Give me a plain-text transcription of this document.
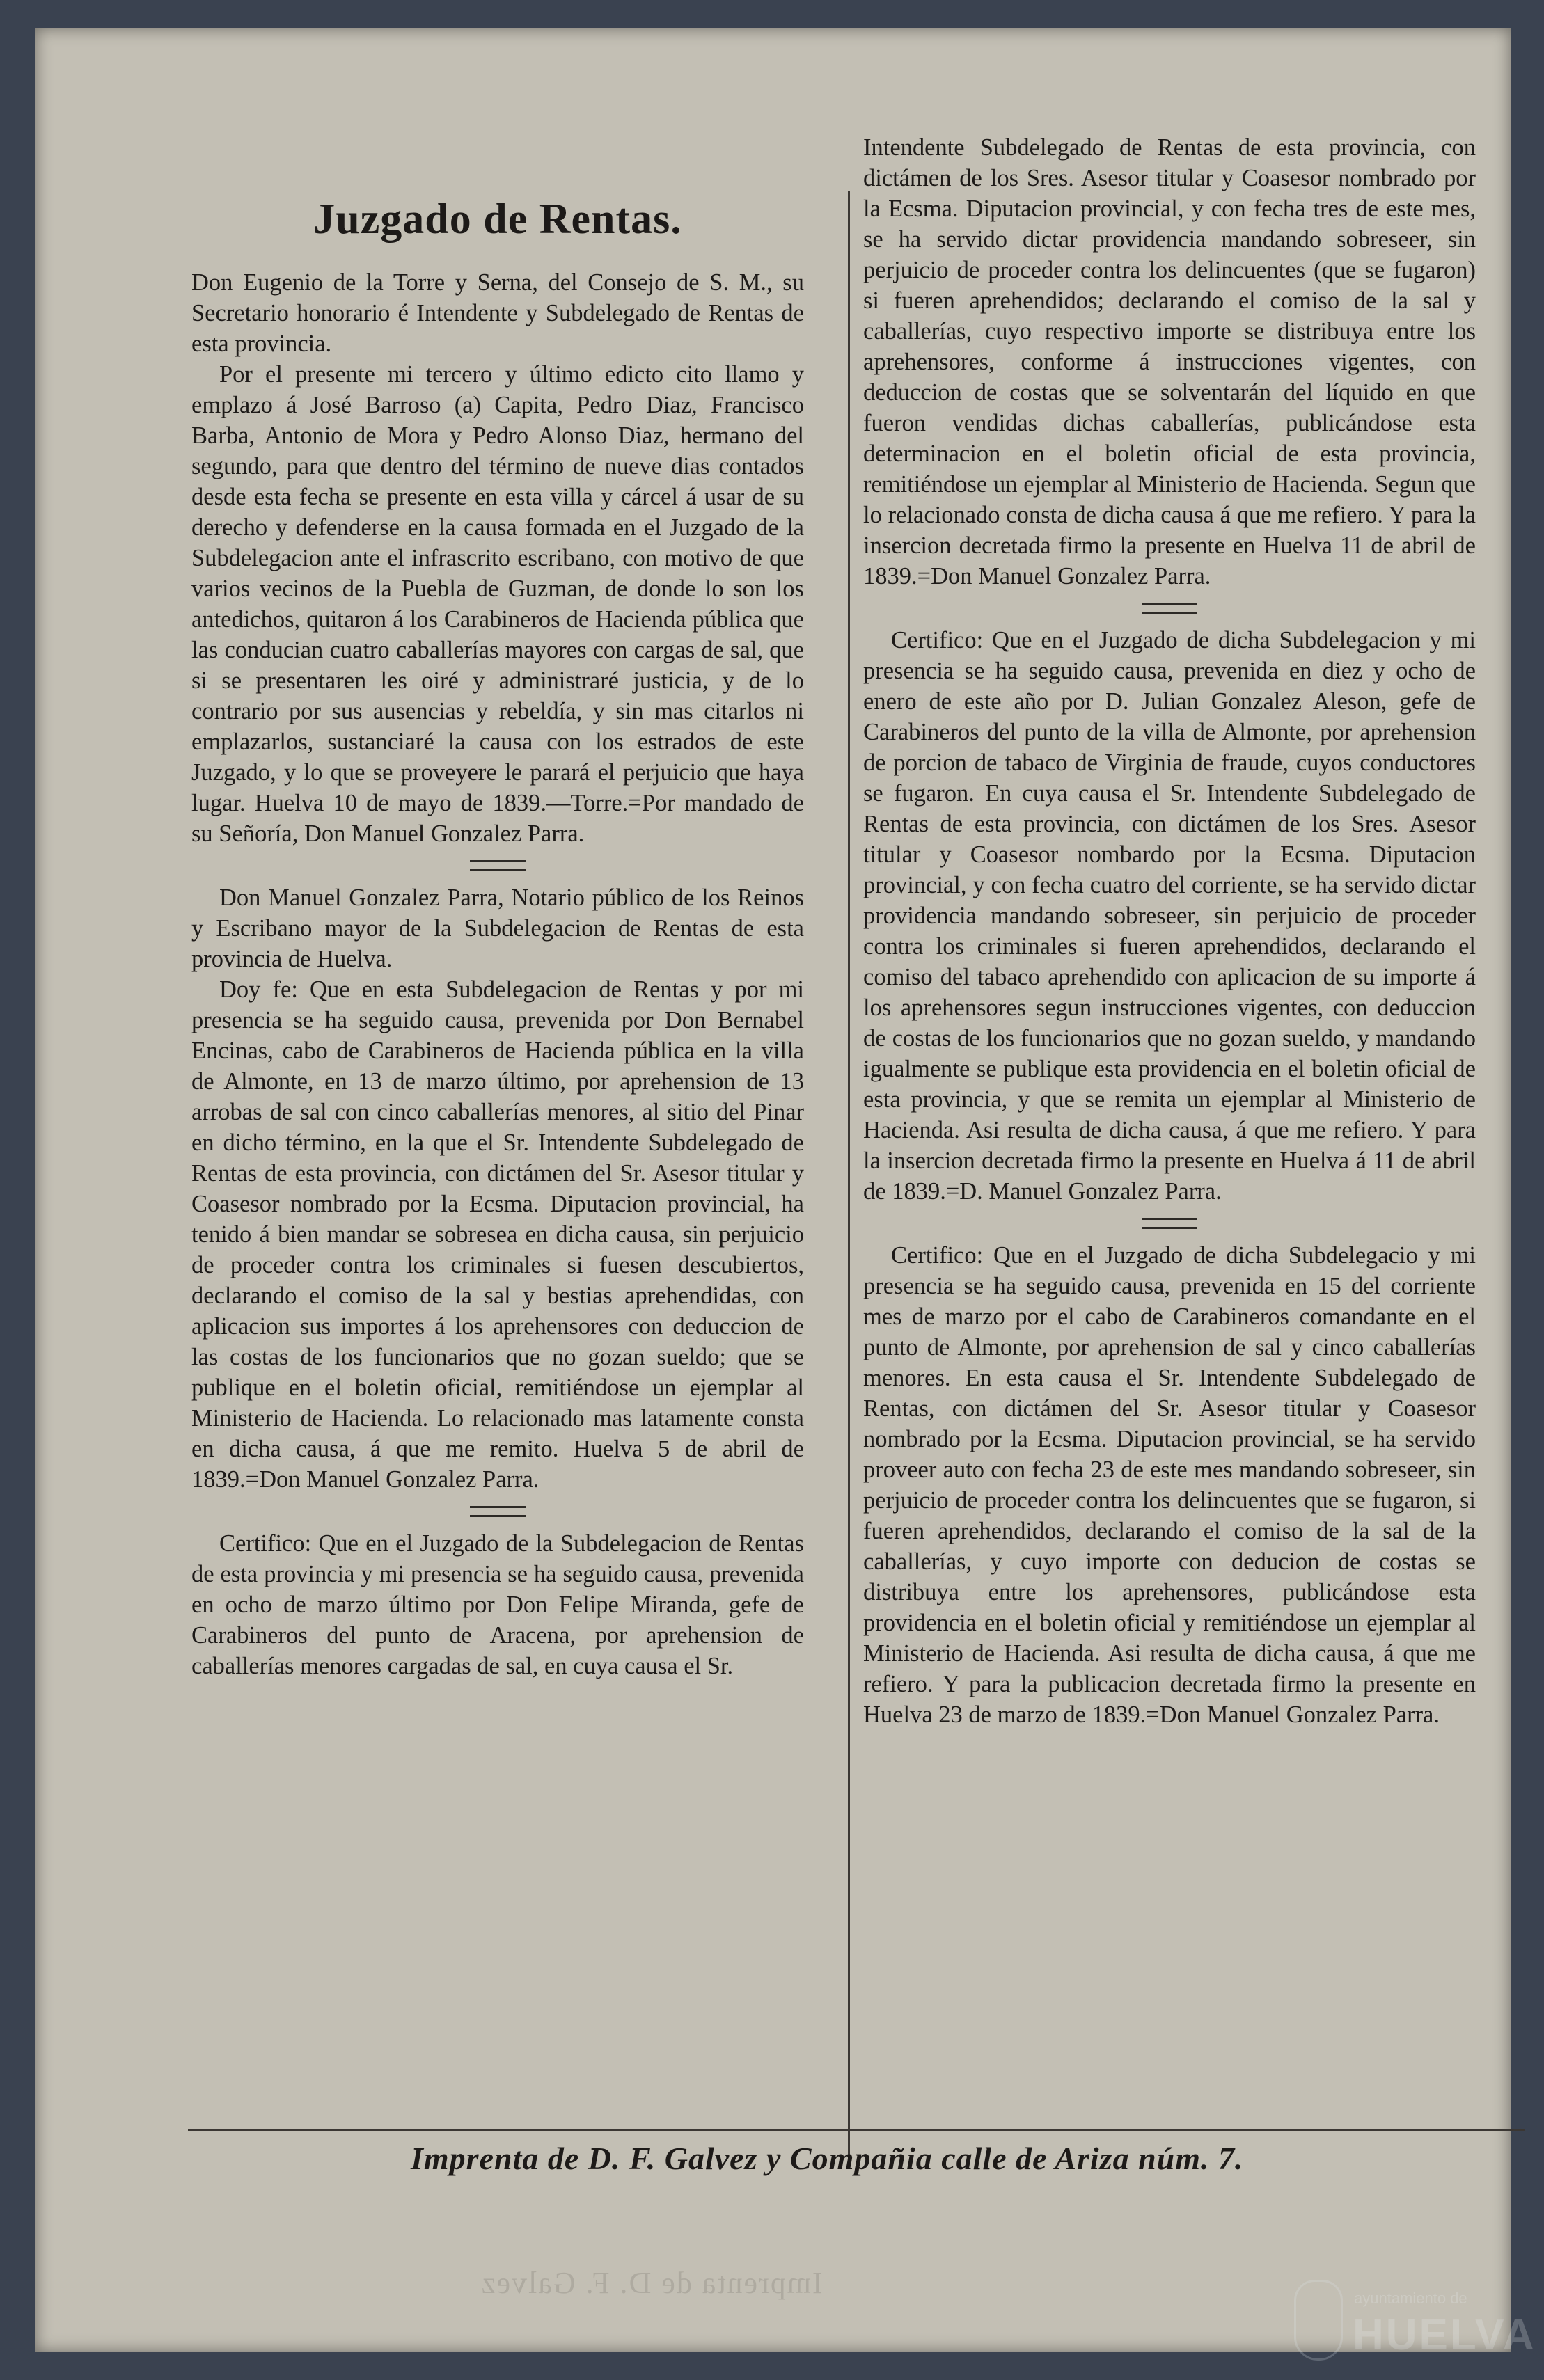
Juzgado de Rentas.

Don Eugenio de la Torre y Serna, del Consejo de S. M., su Secretario honorario é Intendente y Subdelegado de Rentas de esta provincia.

Por el presente mi tercero y último edicto cito llamo y emplazo á José Barroso (a) Capita, Pedro Diaz, Francisco Barba, Antonio de Mora y Pedro Alonso Diaz, hermano del segundo, para que dentro del término de nueve dias contados desde esta fecha se presente en esta villa y cárcel á usar de su derecho y defenderse en la causa formada en el Juzgado de la Subdelegacion ante el infrascrito escribano, con motivo de que varios vecinos de la Puebla de Guzman, de donde lo son los antedichos, quitaron á los Carabineros de Hacienda pública que las conducian cuatro caballerías mayores con cargas de sal, que si se presentaren les oiré y administraré justicia, y de lo contrario por sus ausencias y rebeldía, y sin mas citarlos ni emplazarlos, sustanciaré la causa con los estrados de este Juzgado, y lo que se proveyere le parará el perjuicio que haya lugar. Huelva 10 de mayo de 1839.—Torre.=Por mandado de su Señoría, Don Manuel Gonzalez Parra.

Don Manuel Gonzalez Parra, Notario público de los Reinos y Escribano mayor de la Subdelegacion de Rentas de esta provincia de Huelva.

Doy fe: Que en esta Subdelegacion de Rentas y por mi presencia se ha seguido causa, prevenida por Don Bernabel Encinas, cabo de Carabineros de Hacienda pública en la villa de Almonte, en 13 de marzo último, por aprehension de 13 arrobas de sal con cinco caballerías menores, al sitio del Pinar en dicho término, en la que el Sr. Intendente Subdelegado de Rentas de esta provincia, con dictámen del Sr. Asesor titular y Coasesor nombrado por la Ecsma. Diputacion provincial, ha tenido á bien mandar se sobresea en dicha causa, sin perjuicio de proceder contra los criminales si fuesen descubiertos, declarando el comiso de la sal y bestias aprehendidas, con aplicacion sus importes á los aprehensores con deduccion de las costas de los funcionarios que no gozan sueldo; que se publique en el boletin oficial, remitiéndose un ejemplar al Ministerio de Hacienda. Lo relacionado mas latamente consta en dicha causa, á que me remito. Huelva 5 de abril de 1839.=Don Manuel Gonzalez Parra.

Certifico: Que en el Juzgado de la Subdelegacion de Rentas de esta provincia y mi presencia se ha seguido causa, prevenida en ocho de marzo último por Don Felipe Miranda, gefe de Carabineros del punto de Aracena, por aprehension de caballerías menores cargadas de sal, en cuya causa el Sr.

Intendente Subdelegado de Rentas de esta provincia, con dictámen de los Sres. Asesor titular y Coasesor nombrado por la Ecsma. Diputacion provincial, y con fecha tres de este mes, se ha servido dictar providencia mandando sobreseer, sin perjuicio de proceder contra los delincuentes (que se fugaron) si fueren aprehendidos; declarando el comiso de la sal y caballerías, cuyo respectivo importe se distribuya entre los aprehensores, conforme á instrucciones vigentes, con deduccion de costas que se solventarán del líquido en que fueron vendidas dichas caballerías, publicándose esta determinacion en el boletin oficial de esta provincia, remitiéndose un ejemplar al Ministerio de Hacienda. Segun que lo relacionado consta de dicha causa á que me refiero. Y para la insercion decretada firmo la presente en Huelva 11 de abril de 1839.=Don Manuel Gonzalez Parra.

Certifico: Que en el Juzgado de dicha Subdelegacion y mi presencia se ha seguido causa, prevenida en diez y ocho de enero de este año por D. Julian Gonzalez Aleson, gefe de Carabineros del punto de la villa de Almonte, por aprehension de porcion de tabaco de Virginia de fraude, cuyos conductores se fugaron. En cuya causa el Sr. Intendente Subdelegado de Rentas de esta provincia, con dictámen de los Sres. Asesor titular y Coasesor nombardo por la Ecsma. Diputacion provincial, y con fecha cuatro del corriente, se ha servido dictar providencia mandando sobreseer, sin perjuicio de proceder contra los criminales si fueren aprehendidos, declarando el comiso del tabaco aprehendido con aplicacion de su importe á los aprehensores segun instrucciones vigentes, con deduccion de costas de los funcionarios que no gozan sueldo, y mandando igualmente se publique esta providencia en el boletin oficial de esta provincia, y que se remita un ejemplar al Ministerio de Hacienda. Asi resulta de dicha causa, á que me refiero. Y para la insercion decretada firmo la presente en Huelva á 11 de abril de 1839.=D. Manuel Gonzalez Parra.

Certifico: Que en el Juzgado de dicha Subdelegacio y mi presencia se ha seguido causa, prevenida en 15 del corriente mes de marzo por el cabo de Carabineros comandante en el punto de Almonte, por aprehension de sal y cinco caballerías menores. En esta causa el Sr. Intendente Subdelegado de Rentas, con dictámen del Sr. Asesor titular y Coasesor nombrado por la Ecsma. Diputacion provincial, se ha servido proveer auto con fecha 23 de este mes mandando sobreseer, sin perjuicio de proceder contra los delincuentes que se fugaron, si fueren aprehendidos, declarando el comiso de la sal de la caballerías, y cuyo importe con deducion de costas se distribuya entre los aprehensores, publicándose esta providencia en el boletin oficial y remitiéndose un ejemplar al Ministerio de Hacienda. Asi resulta de dicha causa, á que me refiero. Y para la publicacion decretada firmo la presente en Huelva 23 de marzo de 1839.=Don Manuel Gonzalez Parra.

Imprenta de D. F. Galvez y Compañia calle de Ariza núm. 7.
Imprenta de D. F. Galvez	ayuntamiento de
HUELVA
